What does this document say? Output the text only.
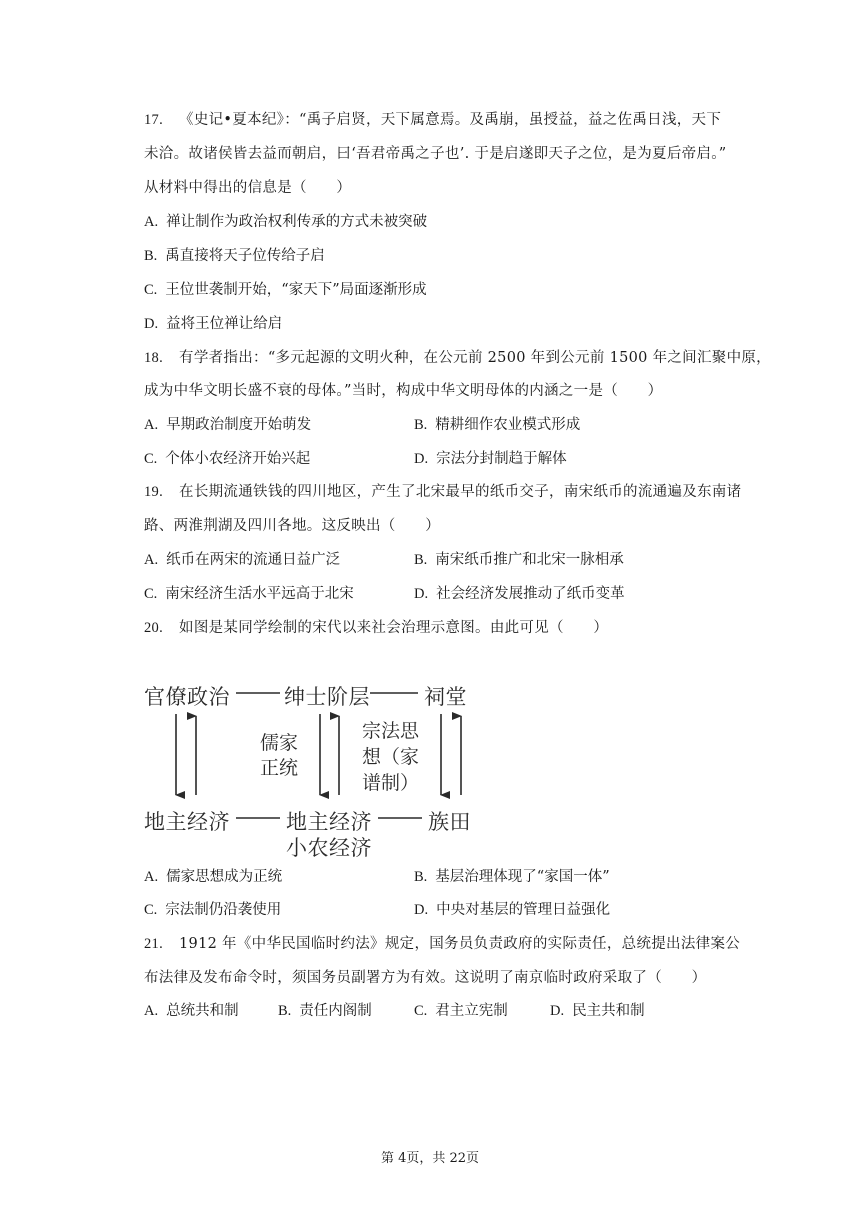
17. 《史记•夏本纪》：“禹子启贤，天下属意焉。及禹崩，虽授益，益之佐禹日浅，天下
未洽。故诸侯皆去益而朝启，曰‘吾君帝禹之子也’. 于是启遂即天子之位，是为夏后帝启。”
从材料中得出的信息是（　　）
A. 禅让制作为政治权利传承的方式未被突破
B. 禹直接将天子位传给子启
C. 王位世袭制开始，“家天下”局面逐渐形成
D. 益将王位禅让给启
18. 有学者指出：“多元起源的文明火种，在公元前 2500 年到公元前 1500 年之间汇聚中原，
成为中华文明长盛不衰的母体。”当时，构成中华文明母体的内涵之一是（　　）
A. 早期政治制度开始萌发	B. 精耕细作农业模式形成
C. 个体小农经济开始兴起	D. 宗法分封制趋于解体
19. 在长期流通铁钱的四川地区，产生了北宋最早的纸币交子，南宋纸币的流通遍及东南诸
路、两淮荆湖及四川各地。这反映出（　　）
A. 纸币在两宋的流通日益广泛	B. 南宋纸币推广和北宋一脉相承
C. 南宋经济生活水平远高于北宋	D. 社会经济发展推动了纸币变革
20. 如图是某同学绘制的宋代以来社会治理示意图。由此可见（　　）
官僚政治	绅士阶层	祠堂
儒家
正统
宗法思
想（家
谱制）
地主经济	地主经济
小农经济
族田
A. 儒家思想成为正统	B. 基层治理体现了“家国一体”
C. 宗法制仍沿袭使用	D. 中央对基层的管理日益强化
21. 1912 年《中华民国临时约法》规定，国务员负责政府的实际责任，总统提出法律案公
布法律及发布命令时，须国务员副署方为有效。这说明了南京临时政府采取了（　　）
A. 总统共和制	B. 责任内阁制	C. 君主立宪制	D. 民主共和制
第 4页，共 22页
